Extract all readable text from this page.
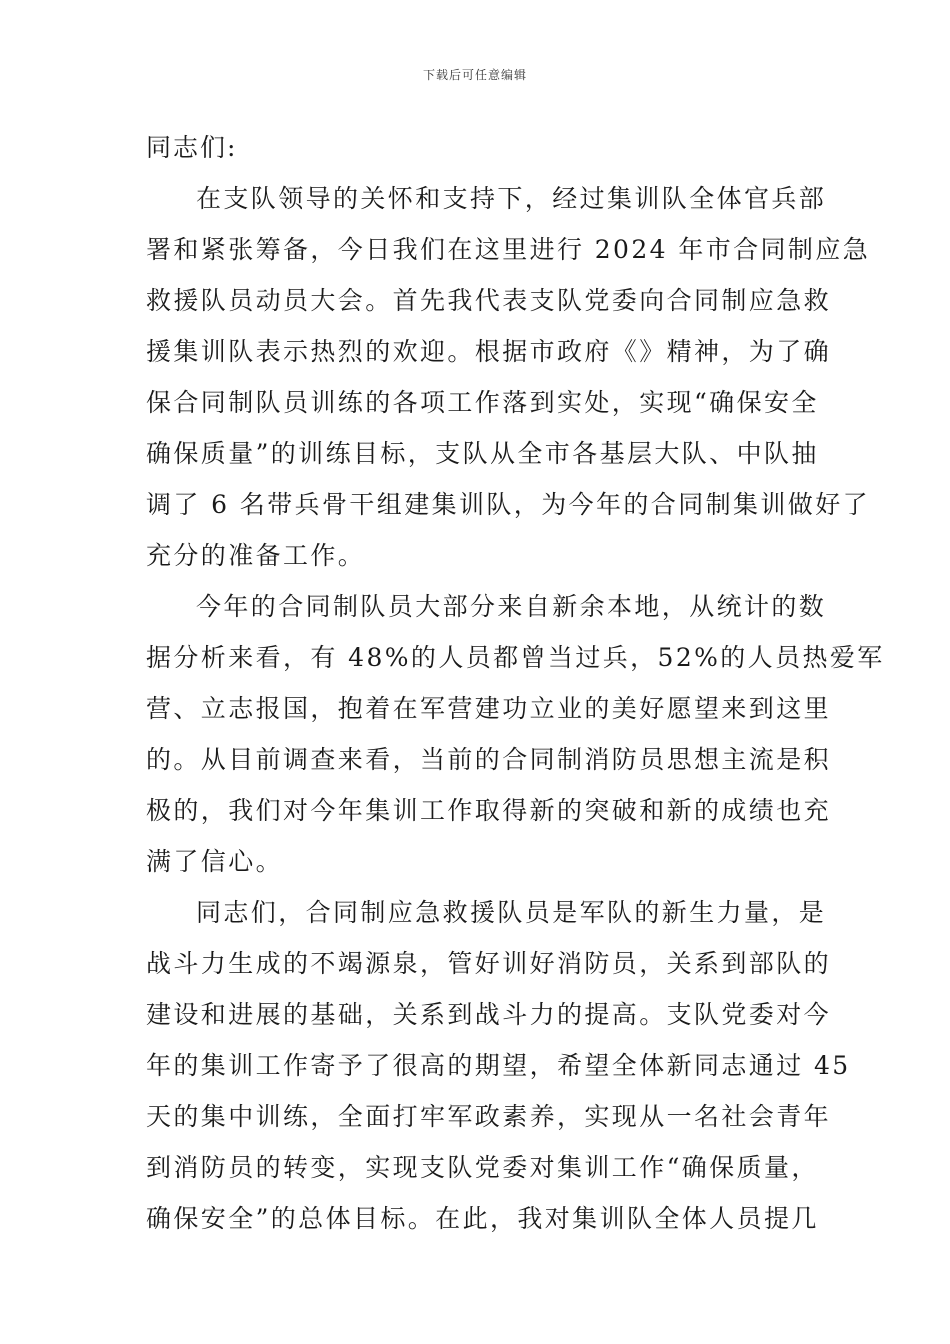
下载后可任意编辑
同志们:
在支队领导的关怀和支持下，经过集训队全体官兵部
署和紧张筹备，今日我们在这里进行 2024 年市合同制应急
救援队员动员大会。首先我代表支队党委向合同制应急救
援集训队表示热烈的欢迎。根据市政府《》精神，为了确
保合同制队员训练的各项工作落到实处，实现“确保安全
确保质量”的训练目标，支队从全市各基层大队、中队抽
调了 6 名带兵骨干组建集训队，为今年的合同制集训做好了
充分的准备工作。
今年的合同制队员大部分来自新余本地，从统计的数
据分析来看，有 48%的人员都曾当过兵，52%的人员热爱军
营、立志报国，抱着在军营建功立业的美好愿望来到这里
的。从目前调查来看，当前的合同制消防员思想主流是积
极的，我们对今年集训工作取得新的突破和新的成绩也充
满了信心。
同志们，合同制应急救援队员是军队的新生力量，是
战斗力生成的不竭源泉，管好训好消防员，关系到部队的
建设和进展的基础，关系到战斗力的提高。支队党委对今
年的集训工作寄予了很高的期望，希望全体新同志通过 45
天的集中训练，全面打牢军政素养，实现从一名社会青年
到消防员的转变，实现支队党委对集训工作“确保质量，
确保安全”的总体目标。在此，我对集训队全体人员提几
